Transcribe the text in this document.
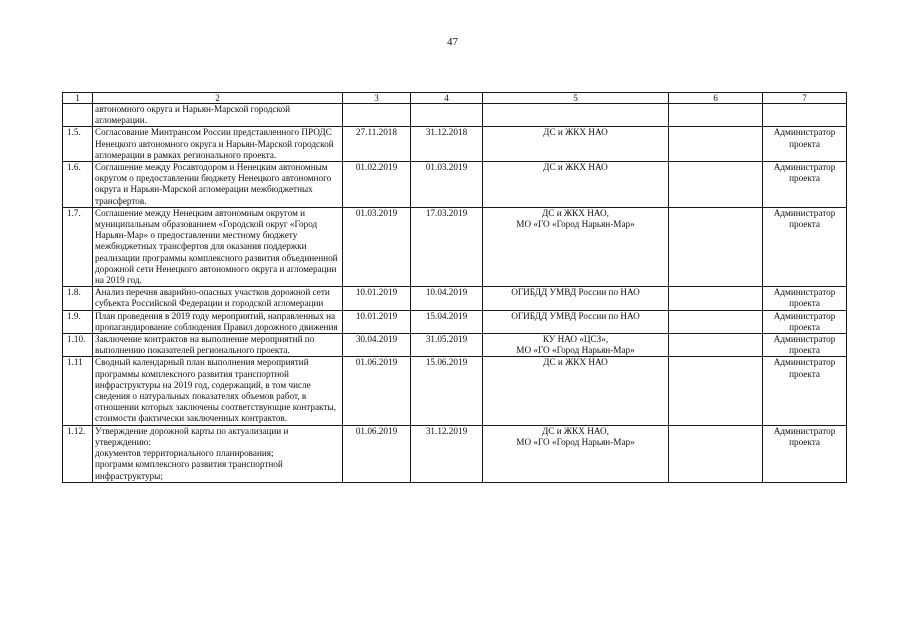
47
1	2	3	4	5	6	7
	автономного округа и Нарьян-Марской городской агломерации.					
1.5.	Согласование Минтрансом России представленного ПРОДС Ненецкого автономного округа и Нарьян-Марской городской агломерации в рамках регионального проекта.	27.11.2018	31.12.2018	ДС и ЖКХ НАО		Администратор проекта
1.6.	Соглашение между Росавтодором и Ненецким автономным округом о предоставлении бюджету Ненецкого автономного округа и Нарьян-Марской агломерации межбюджетных трансфертов.	01.02.2019	01.03.2019	ДС и ЖКХ НАО		Администратор проекта
1.7.	Соглашение между Ненецким автономным округом и муниципальным образованием «Городской округ «Город Нарьян-Мар» о предоставлении местному бюджету межбюджетных трансфертов для оказания поддержки реализации программы комплексного развития объединенной дорожной сети Ненецкого автономного округа и агломерации на 2019 год.	01.03.2019	17.03.2019	ДС и ЖКХ НАО,
МО «ГО «Город Нарьян-Мар»		Администратор проекта
1.8.	Анализ перечня аварийно-опасных участков дорожной сети субъекта Российской Федерации и городской агломерации	10.01.2019	10.04.2019	ОГИБДД УМВД России по НАО		Администратор проекта
1.9.	План проведения в 2019 году мероприятий, направленных на пропагандирование соблюдения Правил дорожного движения	10.01.2019	15.04.2019	ОГИБДД УМВД России по НАО		Администратор проекта
1.10.	Заключение контрактов на выполнение мероприятий по выполнению показателей регионального проекта.	30.04.2019	31.05.2019	КУ НАО «ЦСЗ»,
МО «ГО «Город Нарьян-Мар»		Администратор проекта
1.11	Сводный календарный план выполнения мероприятий программы комплексного развития транспортной инфраструктуры на 2019 год, содержащий, в том числе сведения о натуральных показателях объемов работ, в отношении которых заключены соответствующие контракты, стоимости фактически заключенных контрактов.	01.06.2019	15.06.2019	ДС и ЖКХ НАО		Администратор проекта
1.12.	Утверждение дорожной карты по актуализации и утверждению:
документов территориального планирования;
программ комплексного развития транспортной инфраструктуры;	01.06.2019	31.12.2019	ДС и ЖКХ НАО,
МО «ГО «Город Нарьян-Мар»		Администратор проекта
